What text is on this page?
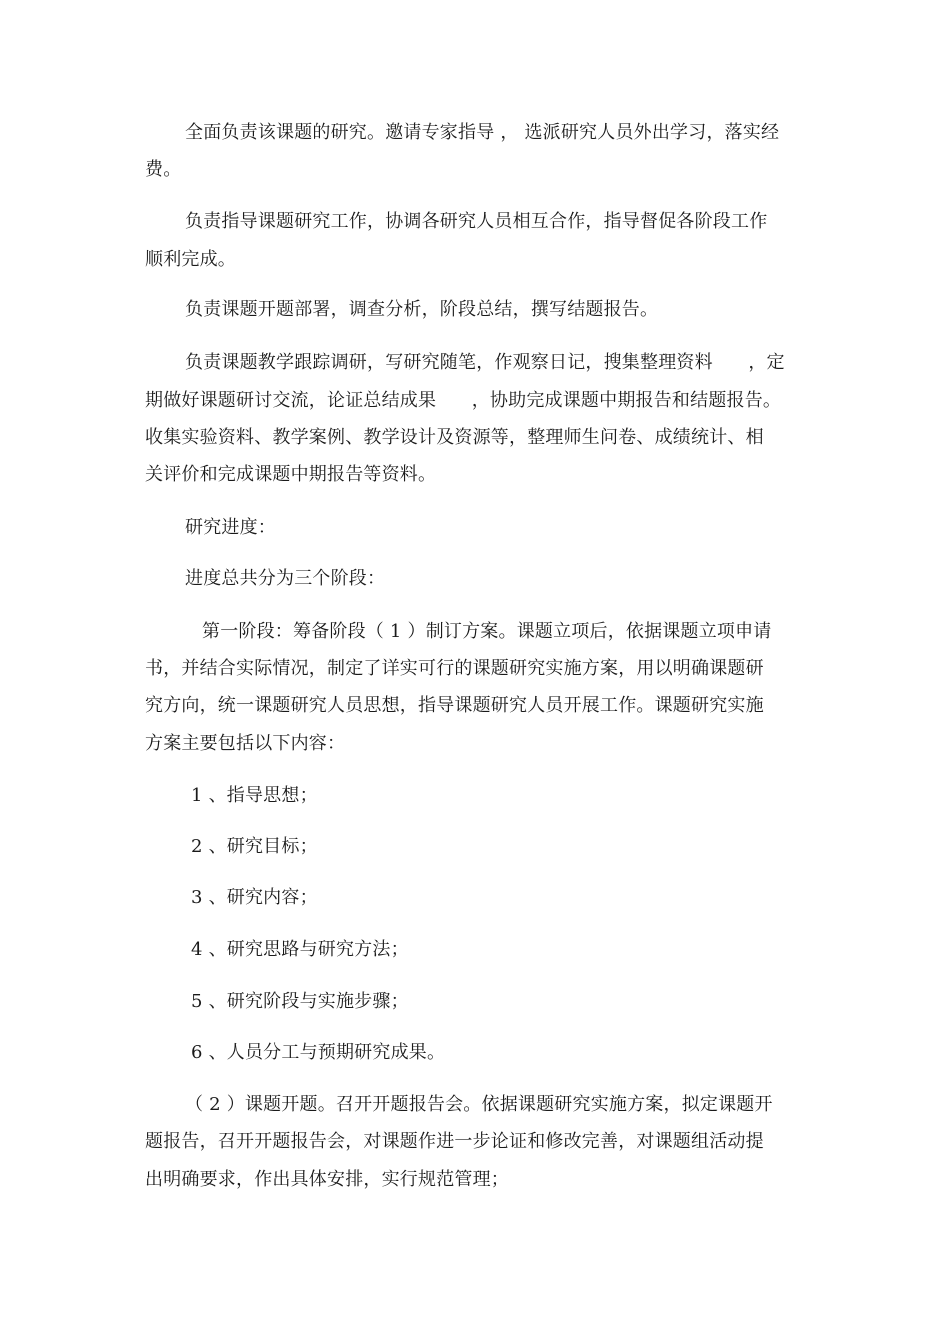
全面负责该课题的研究。邀请专家指导 ， 选派研究人员外出学习，落实经
费。
负责指导课题研究工作，协调各研究人员相互合作，指导督促各阶段工作
顺利完成。
负责课题开题部署，调查分析，阶段总结，撰写结题报告。
负责课题教学跟踪调研，写研究随笔，作观察日记，搜集整理资料      ，定
期做好课题研讨交流，论证总结成果      ，协助完成课题中期报告和结题报告。
收集实验资料、教学案例、教学设计及资源等，整理师生问卷、成绩统计、相
关评价和完成课题中期报告等资料。
研究进度：
进度总共分为三个阶段：
第一阶段：筹备阶段（ 1 ）制订方案。课题立项后，依据课题立项申请
书，并结合实际情况，制定了详实可行的课题研究实施方案，用以明确课题研
究方向，统一课题研究人员思想，指导课题研究人员开展工作。课题研究实施
方案主要包括以下内容：
1 、指导思想；
2 、研究目标；
3 、研究内容；
4 、研究思路与研究方法；
5 、研究阶段与实施步骤；
6 、人员分工与预期研究成果。
（ 2 ）课题开题。召开开题报告会。依据课题研究实施方案，拟定课题开
题报告，召开开题报告会，对课题作进一步论证和修改完善，对课题组活动提
出明确要求，作出具体安排，实行规范管理；
